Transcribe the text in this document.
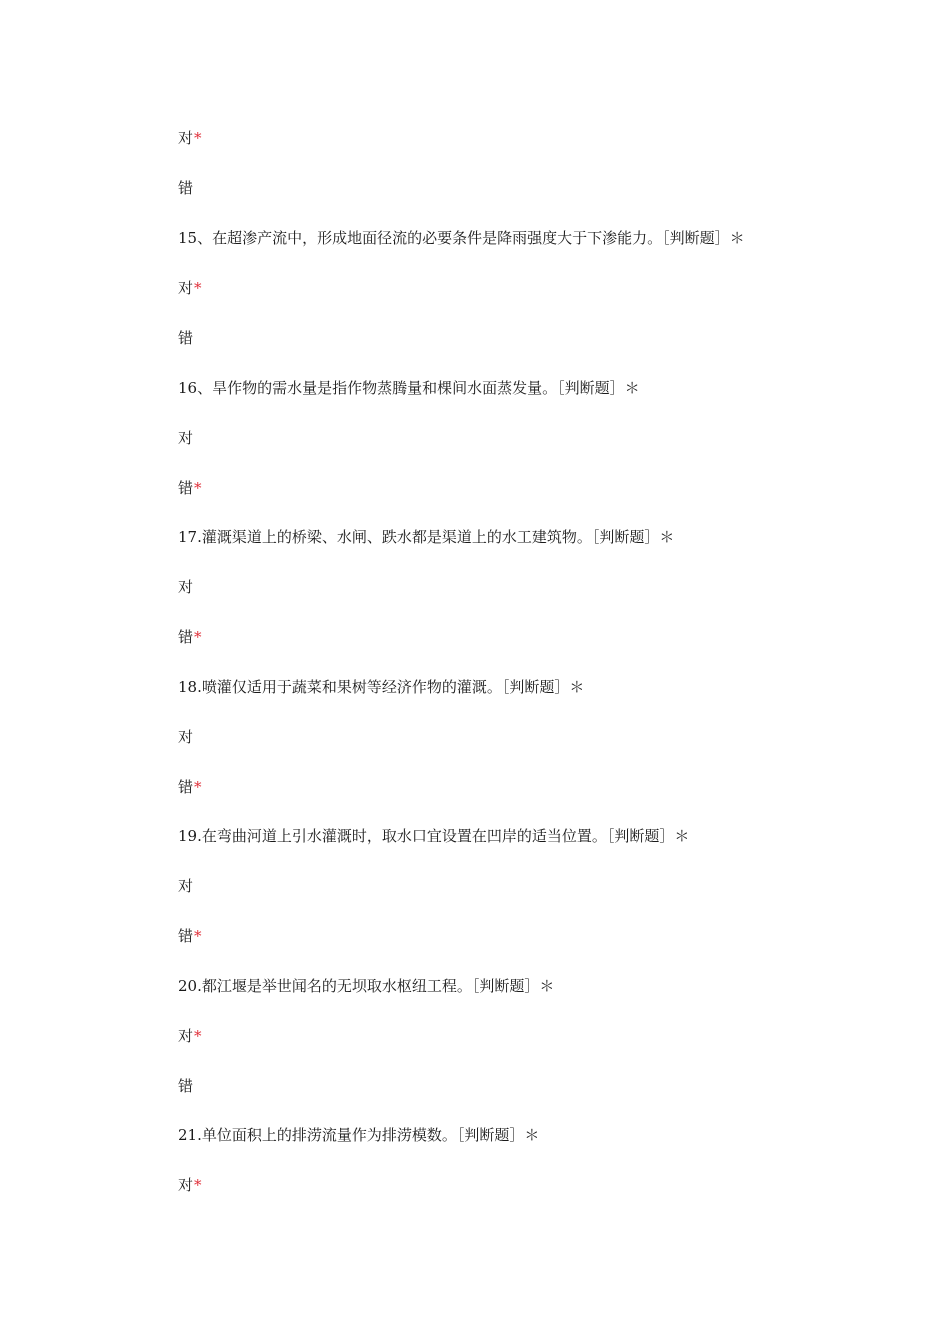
对*
错
15、在超渗产流中，形成地面径流的必要条件是降雨强度大于下渗能力。［判断题］＊
对*
错
16、旱作物的需水量是指作物蒸腾量和棵间水面蒸发量。［判断题］＊
对
错*
17.灌溉渠道上的桥梁、水闸、跌水都是渠道上的水工建筑物。［判断题］＊
对
错*
18.喷灌仅适用于蔬菜和果树等经济作物的灌溉。［判断题］＊
对
错*
19.在弯曲河道上引水灌溉时，取水口宜设置在凹岸的适当位置。［判断题］＊
对
错*
20.都江堰是举世闻名的无坝取水枢纽工程。［判断题］＊
对*
错
21.单位面积上的排涝流量作为排涝模数。［判断题］＊
对*
